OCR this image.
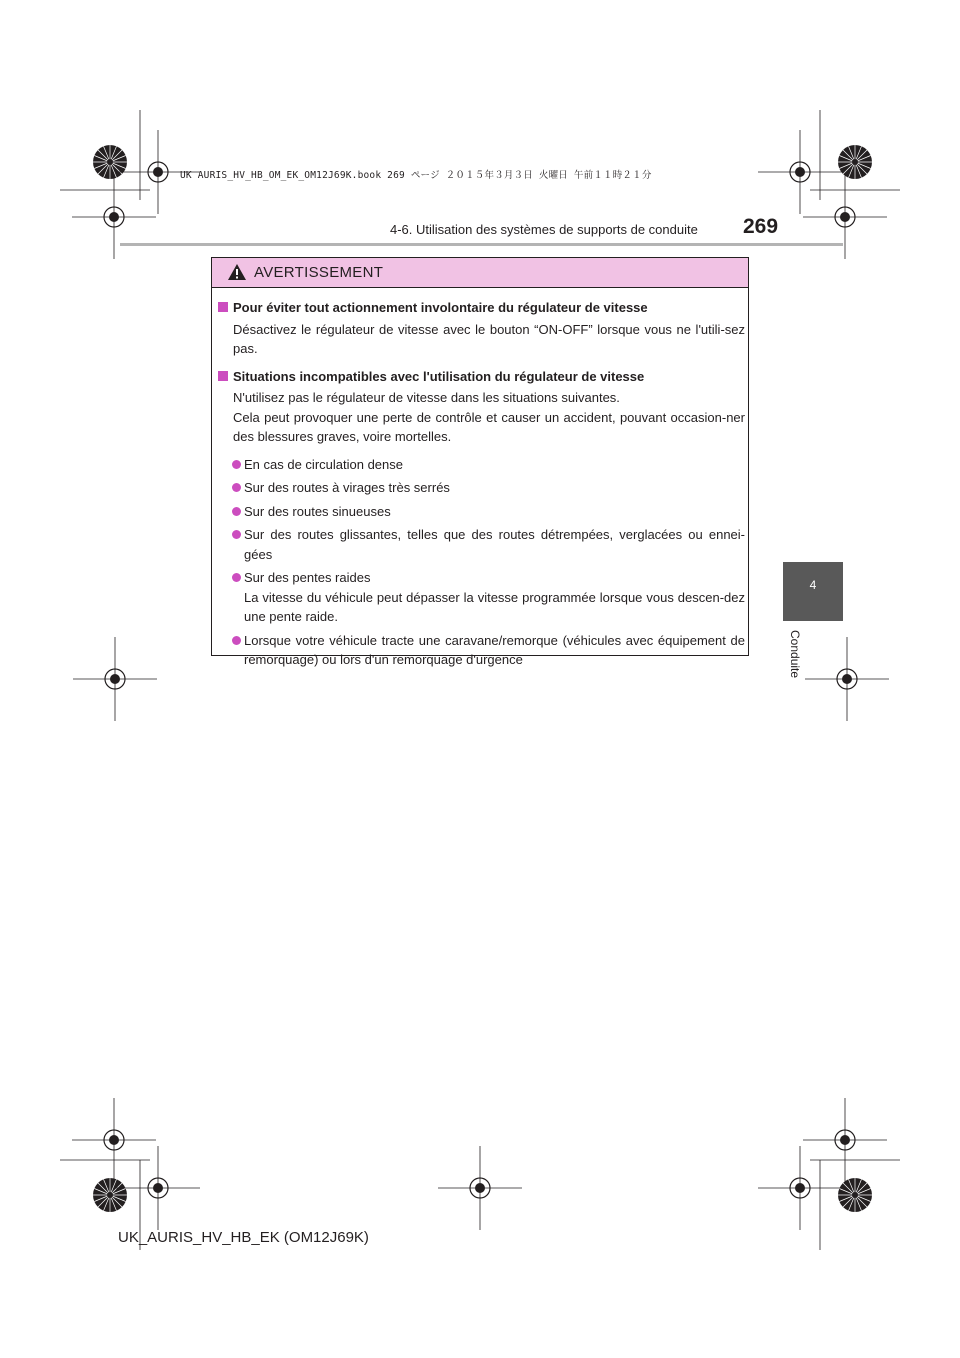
UK AURIS_HV_HB_OM_EK_OM12J69K.book 269 ページ ２０１５年３月３日 火曜日 午前１１時２１分
4-6. Utilisation des systèmes de supports de conduite 269
4
Conduite
AVERTISSEMENT
Pour éviter tout actionnement involontaire du régulateur de vitesse

Désactivez le régulateur de vitesse avec le bouton “ON-OFF” lorsque vous ne l'utili-sez pas.

Situations incompatibles avec l'utilisation du régulateur de vitesse

N'utilisez pas le régulateur de vitesse dans les situations suivantes.

Cela peut provoquer une perte de contrôle et causer un accident, pouvant occasion-ner des blessures graves, voire mortelles.

En cas de circulation dense

Sur des routes à virages très serrés

Sur des routes sinueuses

Sur des routes glissantes, telles que des routes détrempées, verglacées ou ennei-gées

Sur des pentes raides

La vitesse du véhicule peut dépasser la vitesse programmée lorsque vous descen-dez une pente raide.

Lorsque votre véhicule tracte une caravane/remorque (véhicules avec équipement de remorquage) ou lors d'un remorquage d'urgence

UK_AURIS_HV_HB_EK (OM12J69K)
